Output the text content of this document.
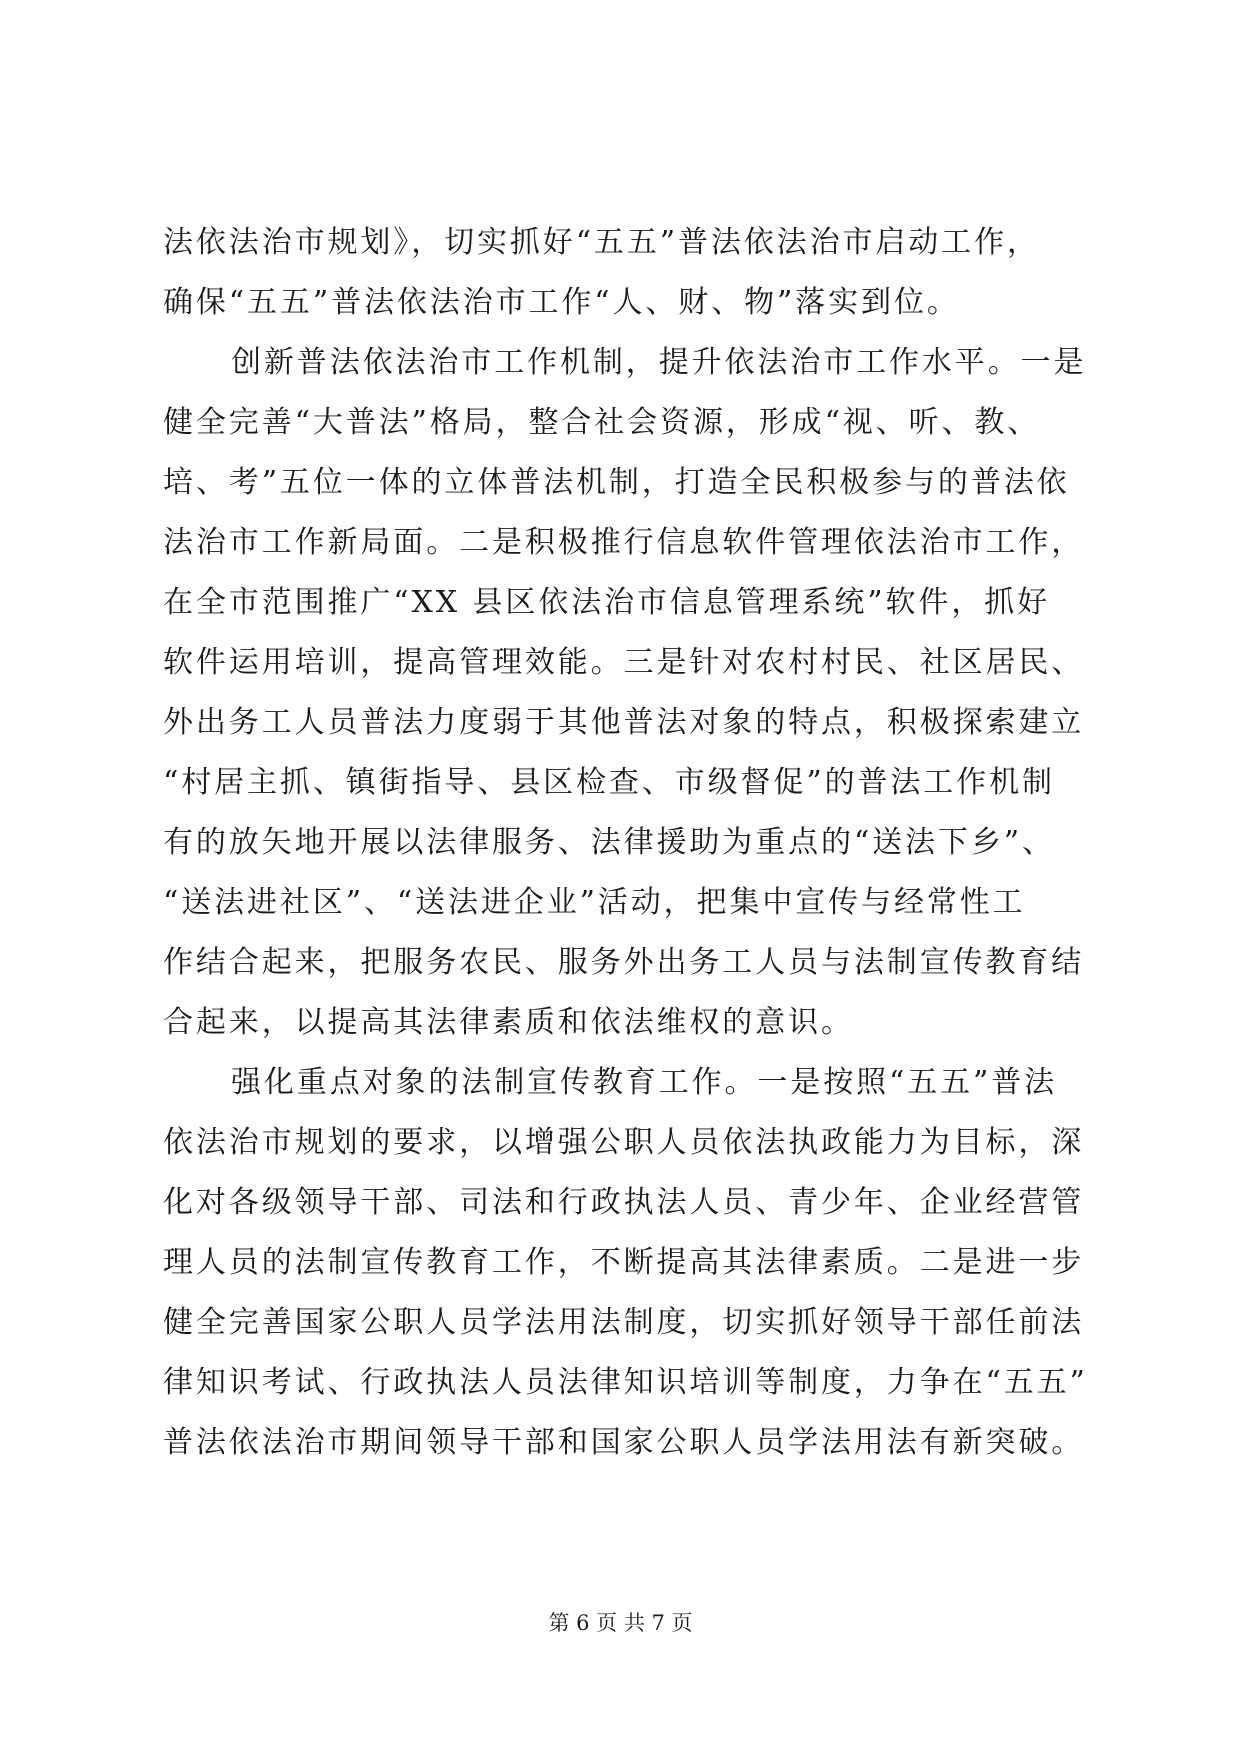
法依法治市规划》，切实抓好“五五”普法依法治市启动工作，
确保“五五”普法依法治市工作“人、财、物”落实到位。
创新普法依法治市工作机制，提升依法治市工作水平。一是
健全完善“大普法”格局，整合社会资源，形成“视、听、教、
培、考”五位一体的立体普法机制，打造全民积极参与的普法依
法治市工作新局面。二是积极推行信息软件管理依法治市工作，
在全市范围推广“XX 县区依法治市信息管理系统”软件，抓好
软件运用培训，提高管理效能。三是针对农村村民、社区居民、
外出务工人员普法力度弱于其他普法对象的特点，积极探索建立
“村居主抓、镇街指导、县区检查、市级督促”的普法工作机制
有的放矢地开展以法律服务、法律援助为重点的“送法下乡”、
“送法进社区”、“送法进企业”活动，把集中宣传与经常性工
作结合起来，把服务农民、服务外出务工人员与法制宣传教育结
合起来，以提高其法律素质和依法维权的意识。
强化重点对象的法制宣传教育工作。一是按照“五五”普法
依法治市规划的要求，以增强公职人员依法执政能力为目标，深
化对各级领导干部、司法和行政执法人员、青少年、企业经营管
理人员的法制宣传教育工作，不断提高其法律素质。二是进一步
健全完善国家公职人员学法用法制度，切实抓好领导干部任前法
律知识考试、行政执法人员法律知识培训等制度，力争在“五五”
普法依法治市期间领导干部和国家公职人员学法用法有新突破。
第 6 页 共 7 页
